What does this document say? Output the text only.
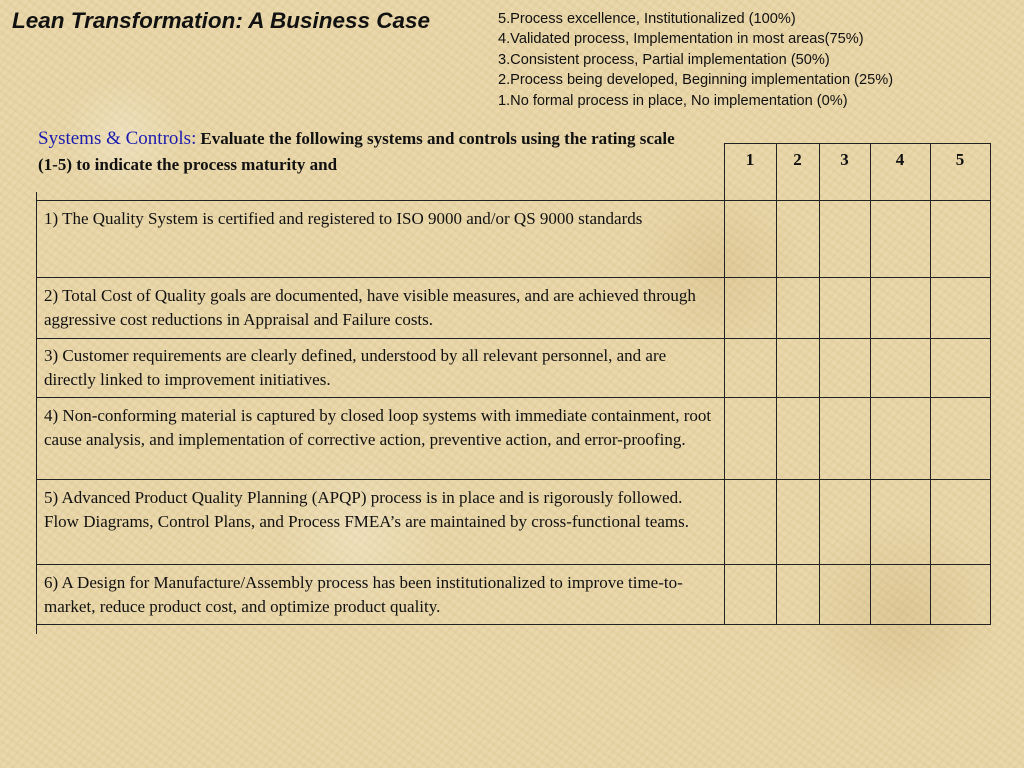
Lean Transformation: A Business Case	5.Process excellence, Institutionalized (100%)
4.Validated process, Implementation in most areas(75%)
3.Consistent process, Partial implementation (50%)
2.Process being developed, Beginning implementation (25%)
1.No formal process in place, No implementation (0%)
Systems & Controls: Evaluate the following systems and controls using the rating scale (1-5) to indicate the process maturity and	1	2	3	4	5
1) The Quality System is certified and registered to ISO 9000 and/or QS 9000 standards
2) Total Cost of Quality goals are documented, have visible measures, and are achieved through aggressive cost reductions in Appraisal and Failure costs.
3) Customer requirements are clearly defined, understood by all relevant personnel, and are directly linked to improvement initiatives.
4) Non-conforming material is captured by closed loop systems with immediate containment, root cause analysis, and implementation of corrective action, preventive action, and error-proofing.
5) Advanced Product Quality Planning (APQP) process is in place and is rigorously followed. Flow Diagrams, Control Plans, and Process FMEA’s are maintained by cross-functional teams.
6) A Design for Manufacture/Assembly process has been institutionalized to improve time-to-market, reduce product cost, and optimize product quality.
